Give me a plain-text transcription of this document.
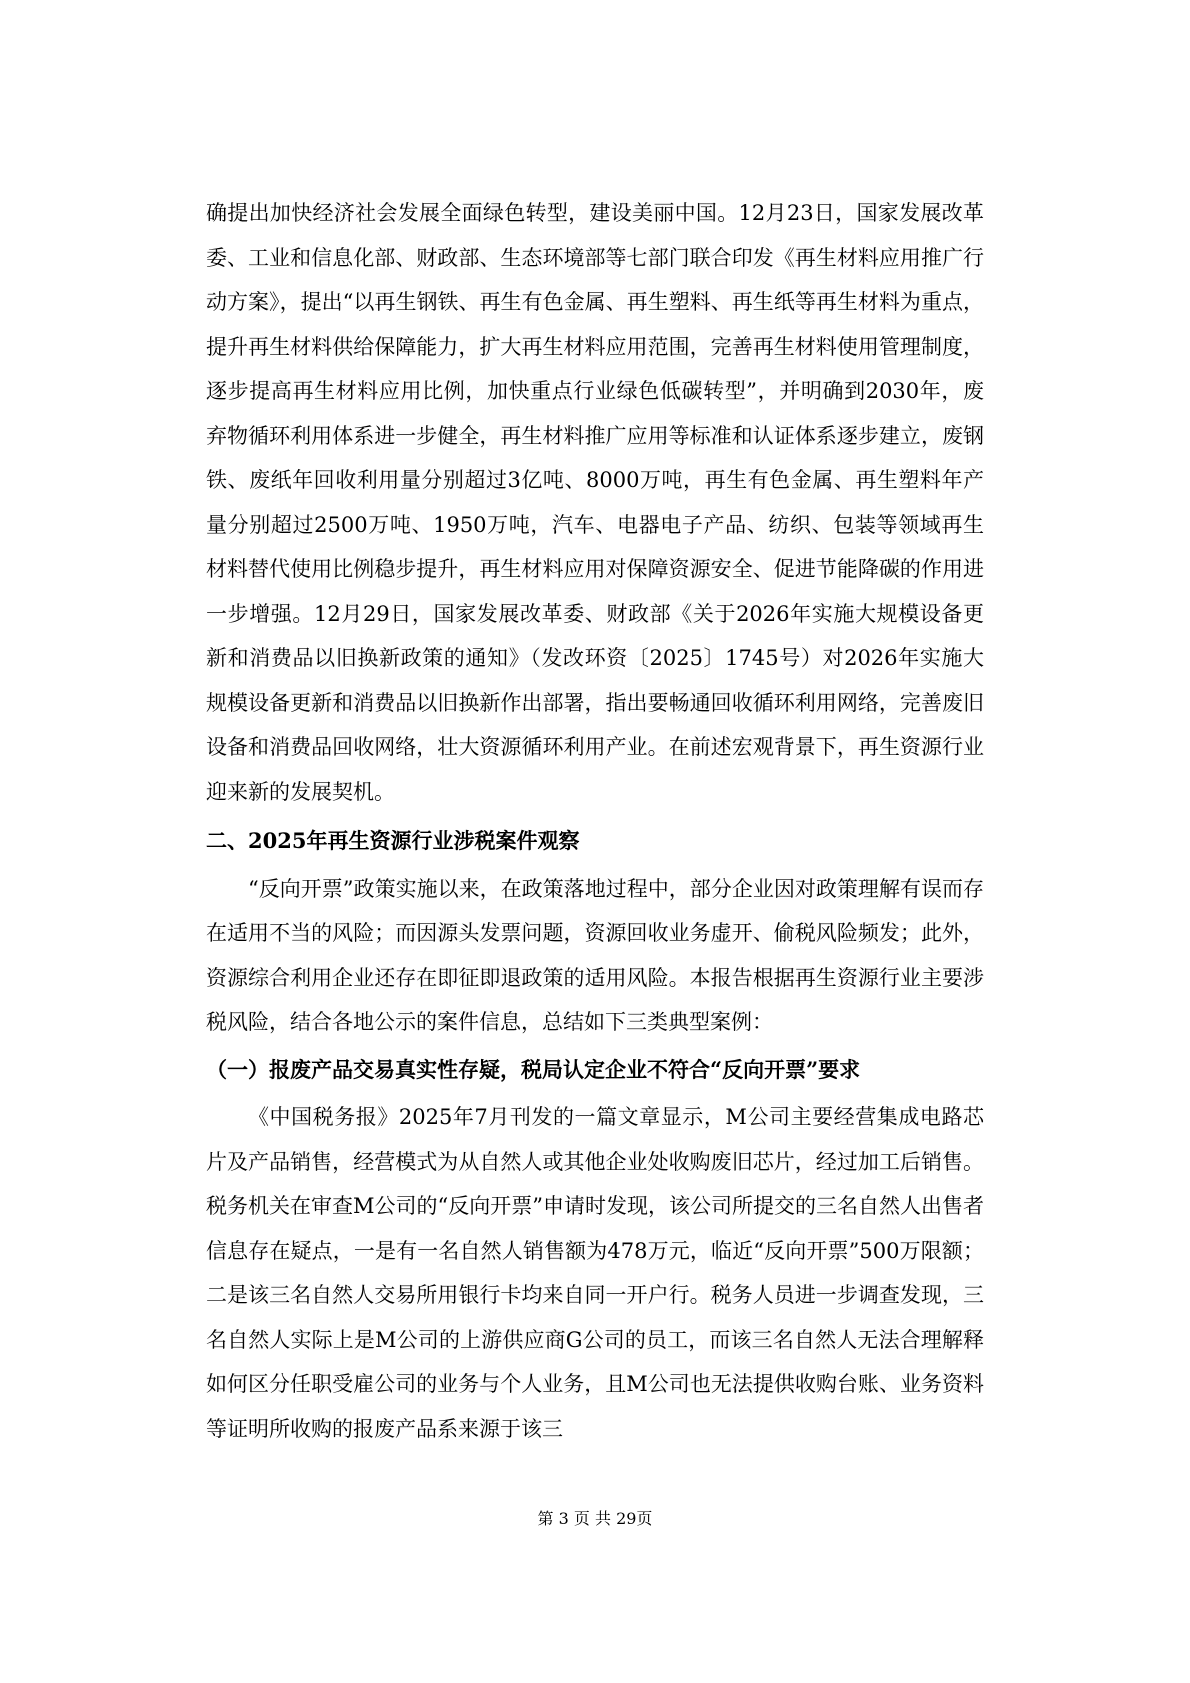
确提出加快经济社会发展全面绿色转型，建设美丽中国。12月23日，国家发展改革委、工业和信息化部、财政部、生态环境部等七部门联合印发《再生材料应用推广行动方案》，提出“以再生钢铁、再生有色金属、再生塑料、再生纸等再生材料为重点，提升再生材料供给保障能力，扩大再生材料应用范围，完善再生材料使用管理制度，逐步提高再生材料应用比例，加快重点行业绿色低碳转型”，并明确到2030年，废弃物循环利用体系进一步健全，再生材料推广应用等标准和认证体系逐步建立，废钢铁、废纸年回收利用量分别超过3亿吨、8000万吨，再生有色金属、再生塑料年产量分别超过2500万吨、1950万吨，汽车、电器电子产品、纺织、包装等领域再生材料替代使用比例稳步提升，再生材料应用对保障资源安全、促进节能降碳的作用进一步增强。12月29日，国家发展改革委、财政部《关于2026年实施大规模设备更新和消费品以旧换新政策的通知》（发改环资〔2025〕1745号）对2026年实施大规模设备更新和消费品以旧换新作出部署，指出要畅通回收循环利用网络，完善废旧设备和消费品回收网络，壮大资源循环利用产业。在前述宏观背景下，再生资源行业迎来新的发展契机。

二、2025年再生资源行业涉税案件观察

“反向开票”政策实施以来，在政策落地过程中，部分企业因对政策理解有误而存在适用不当的风险；而因源头发票问题，资源回收业务虚开、偷税风险频发；此外，资源综合利用企业还存在即征即退政策的适用风险。本报告根据再生资源行业主要涉税风险，结合各地公示的案件信息，总结如下三类典型案例：

（一）报废产品交易真实性存疑，税局认定企业不符合“反向开票”要求

《中国税务报》2025年7月刊发的一篇文章显示，M公司主要经营集成电路芯片及产品销售，经营模式为从自然人或其他企业处收购废旧芯片，经过加工后销售。税务机关在审查M公司的“反向开票”申请时发现，该公司所提交的三名自然人出售者信息存在疑点，一是有一名自然人销售额为478万元，临近“反向开票”500万限额；二是该三名自然人交易所用银行卡均来自同一开户行。税务人员进一步调查发现，三名自然人实际上是M公司的上游供应商G公司的员工，而该三名自然人无法合理解释如何区分任职受雇公司的业务与个人业务，且M公司也无法提供收购台账、业务资料等证明所收购的报废产品系来源于该三

第 3 页 共 29页
